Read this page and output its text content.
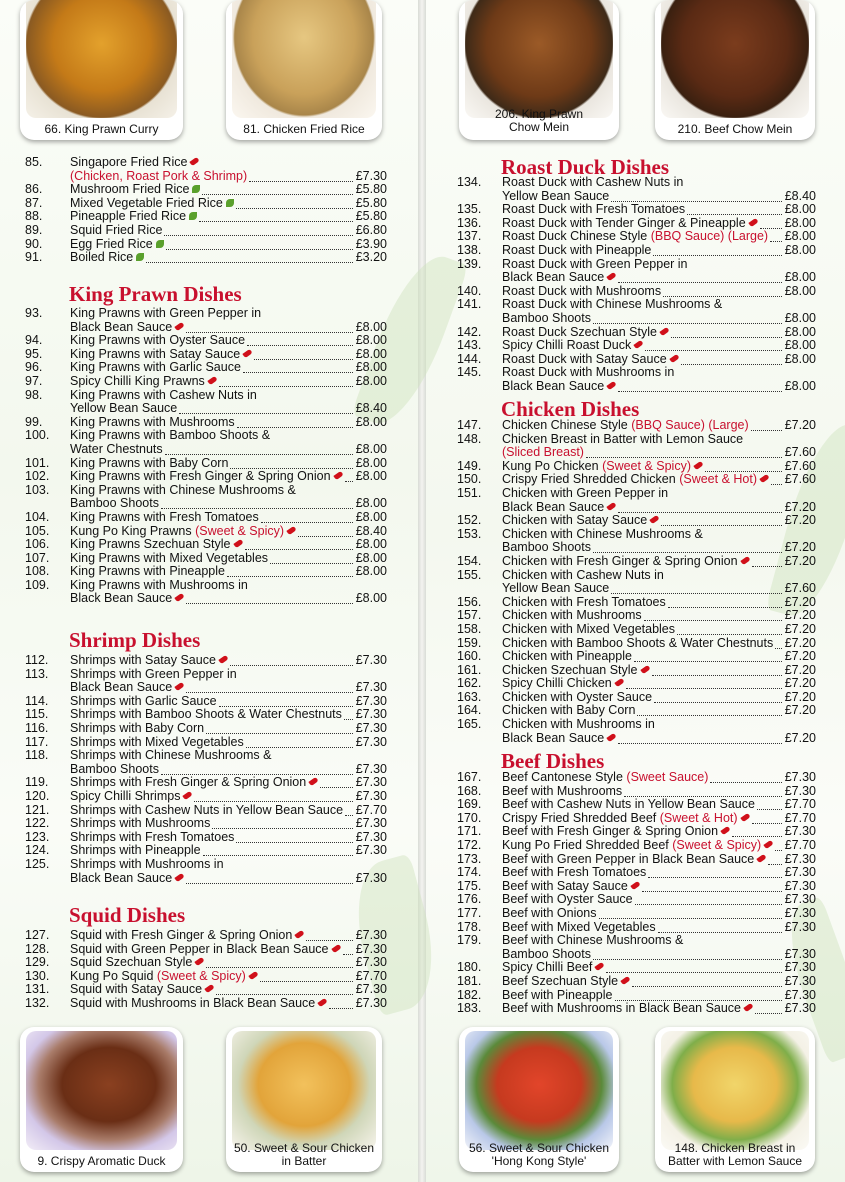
66. King Prawn Curry	81. Chicken Fried Rice
206. King Prawn
Chow Mein	210. Beef Chow Mein
9. Crispy Aromatic Duck
50. Sweet & Sour Chicken
in Batter
56. Sweet & Sour Chicken
'Hong Kong Style'
148. Chicken Breast in
Batter with Lemon Sauce
King Prawn Dishes
Shrimp Dishes
Squid Dishes
Roast Duck Dishes
Chicken Dishes
Beef Dishes
85. Singapore Fried Rice
(Chicken, Roast Pork & Shrimp)	£7.30
86. Mushroom Fried Rice	£5.80
87. Mixed Vegetable Fried Rice	£5.80
88. Pineapple Fried Rice	£5.80
89. Squid Fried Rice	£6.80
90. Egg Fried Rice	£3.90
91. Boiled Rice	£3.20
93. King Prawns with Green Pepper in
Black Bean Sauce	£8.00
94. King Prawns with Oyster Sauce	£8.00
95. King Prawns with Satay Sauce	£8.00
96. King Prawns with Garlic Sauce	£8.00
97. Spicy Chilli King Prawns	£8.00
98. King Prawns with Cashew Nuts in
Yellow Bean Sauce	£8.40
99. King Prawns with Mushrooms	£8.00
100. King Prawns with Bamboo Shoots &
Water Chestnuts	£8.00
101. King Prawns with Baby Corn	£8.00
102. King Prawns with Fresh Ginger & Spring Onion	£8.00
103. King Prawns with Chinese Mushrooms &
Bamboo Shoots	£8.00
104. King Prawns with Fresh Tomatoes	£8.00
105. Kung Po King Prawns (Sweet & Spicy)	£8.40
106. King Prawns Szechuan Style	£8.00
107. King Prawns with Mixed Vegetables	£8.00
108. King Prawns with Pineapple	£8.00
109. King Prawns with Mushrooms in
Black Bean Sauce	£8.00
112. Shrimps with Satay Sauce	£7.30
113. Shrimps with Green Pepper in
Black Bean Sauce	£7.30
114. Shrimps with Garlic Sauce	£7.30
115. Shrimps with Bamboo Shoots & Water Chestnuts £7.30
116. Shrimps with Baby Corn	£7.30
117. Shrimps with Mixed Vegetables	£7.30
118. Shrimps with Chinese Mushrooms &
Bamboo Shoots	£7.30
119. Shrimps with Fresh Ginger & Spring Onion	£7.30
120. Spicy Chilli Shrimps	£7.30
121. Shrimps with Cashew Nuts in Yellow Bean Sauce £7.70
122. Shrimps with Mushrooms	£7.30
123. Shrimps with Fresh Tomatoes	£7.30
124. Shrimps with Pineapple	£7.30
125. Shrimps with Mushrooms in
Black Bean Sauce	£7.30
127. Squid with Fresh Ginger & Spring Onion	£7.30
128. Squid with Green Pepper in Black Bean Sauce	£7.30
129. Squid Szechuan Style	£7.30
130. Kung Po Squid (Sweet & Spicy)	£7.70
131. Squid with Satay Sauce	£7.30
132. Squid with Mushrooms in Black Bean Sauce	£7.30
134. Roast Duck with Cashew Nuts in
Yellow Bean Sauce	£8.40
135. Roast Duck with Fresh Tomatoes	£8.00
136. Roast Duck with Tender Ginger & Pineapple	£8.00
137. Roast Duck Chinese Style (BBQ Sauce) (Large) £8.00
138. Roast Duck with Pineapple	£8.00
139. Roast Duck with Green Pepper in
Black Bean Sauce	£8.00
140. Roast Duck with Mushrooms	£8.00
141. Roast Duck with Chinese Mushrooms &
Bamboo Shoots	£8.00
142. Roast Duck Szechuan Style	£8.00
143. Spicy Chilli Roast Duck	£8.00
144. Roast Duck with Satay Sauce	£8.00
145. Roast Duck with Mushrooms in
Black Bean Sauce	£8.00
147. Chicken Chinese Style (BBQ Sauce) (Large)	£7.20
148. Chicken Breast in Batter with Lemon Sauce
(Sliced Breast)	£7.60
149. Kung Po Chicken (Sweet & Spicy)	£7.60
150. Crispy Fried Shredded Chicken (Sweet & Hot)	£7.60
151. Chicken with Green Pepper in
Black Bean Sauce	£7.20
152. Chicken with Satay Sauce	£7.20
153. Chicken with Chinese Mushrooms &
Bamboo Shoots	£7.20
154. Chicken with Fresh Ginger & Spring Onion	£7.20
155. Chicken with Cashew Nuts in
Yellow Bean Sauce	£7.60
156. Chicken with Fresh Tomatoes	£7.20
157. Chicken with Mushrooms	£7.20
158. Chicken with Mixed Vegetables	£7.20
159. Chicken with Bamboo Shoots & Water Chestnuts £7.20
160. Chicken with Pineapple	£7.20
161. Chicken Szechuan Style	£7.20
162. Spicy Chilli Chicken	£7.20
163. Chicken with Oyster Sauce	£7.20
164. Chicken with Baby Corn	£7.20
165. Chicken with Mushrooms in
Black Bean Sauce	£7.20
167. Beef Cantonese Style (Sweet Sauce)	£7.30
168. Beef with Mushrooms	£7.30
169. Beef with Cashew Nuts in Yellow Bean Sauce £7.70
170. Crispy Fried Shredded Beef (Sweet & Hot)	£7.70
171. Beef with Fresh Ginger & Spring Onion	£7.30
172. Kung Po Fried Shredded Beef (Sweet & Spicy)	£7.70
173. Beef with Green Pepper in Black Bean Sauce	£7.30
174. Beef with Fresh Tomatoes	£7.30
175. Beef with Satay Sauce	£7.30
176. Beef with Oyster Sauce	£7.30
177. Beef with Onions	£7.30
178. Beef with Mixed Vegetables	£7.30
179. Beef with Chinese Mushrooms &
Bamboo Shoots	£7.30
180. Spicy Chilli Beef	£7.30
181. Beef Szechuan Style	£7.30
182. Beef with Pineapple	£7.30
183. Beef with Mushrooms in Black Bean Sauce	£7.30
